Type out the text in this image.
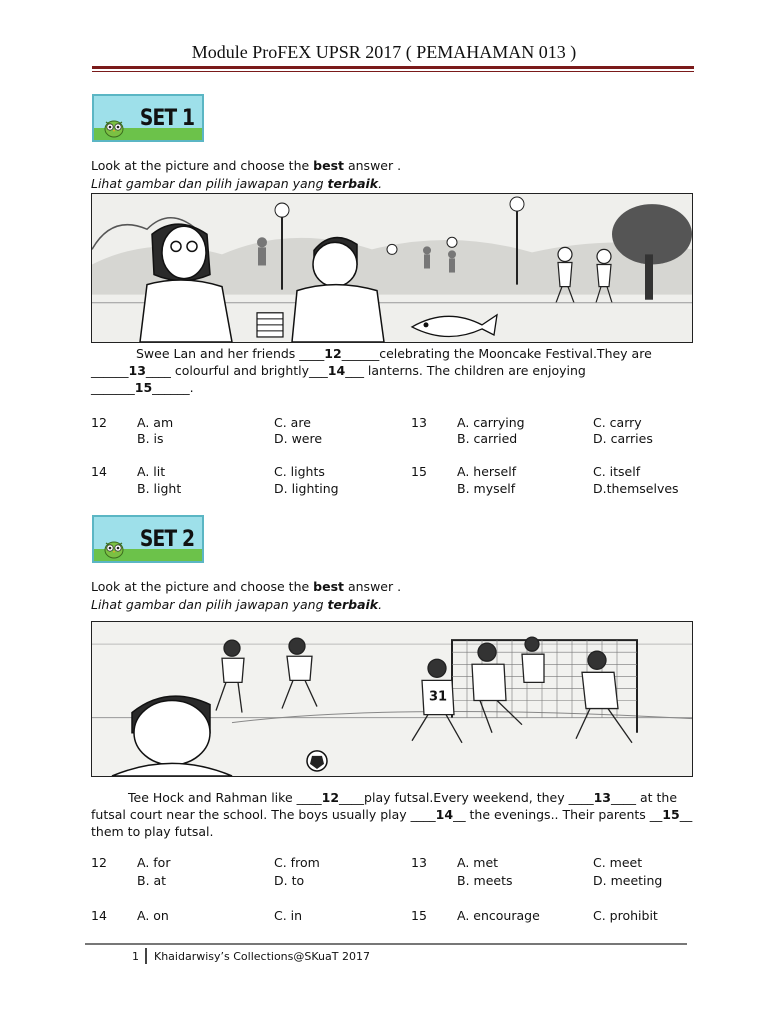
Module ProFEX UPSR 2017 ( PEMAHAMAN 013 )
SET 1
Look at the picture and choose the best answer .
Lihat gambar dan pilih jawapan yang terbaik.
Swee Lan and her friends ____12______celebrating the Mooncake Festival.They are
______13____ colourful and brightly___14___ lanterns. The children are enjoying
_______15______.
12 A. am
B. is
C. are
D. were
13 A. carrying
B. carried
C. carry
D. carries
14 A. lit
B. light
C. lights
D. lighting
15 A. herself
B. myself
C. itself
D.themselves
SET 2
Look at the picture and choose the best answer .
Lihat gambar dan pilih jawapan yang terbaik.
31
Tee Hock and Rahman like ____12____play futsal.Every weekend, they ____13____ at the
futsal court near the school. The boys usually play ____14__ the evenings.. Their parents __15__
them to play futsal.
12 A. for
B. at
C. from
D. to
13 A. met
B. meets
C. meet
D. meeting
14 A. on	C. in	15 A. encourage	C. prohibit
1 Khaidarwisy’s Collections@SKuaT 2017
